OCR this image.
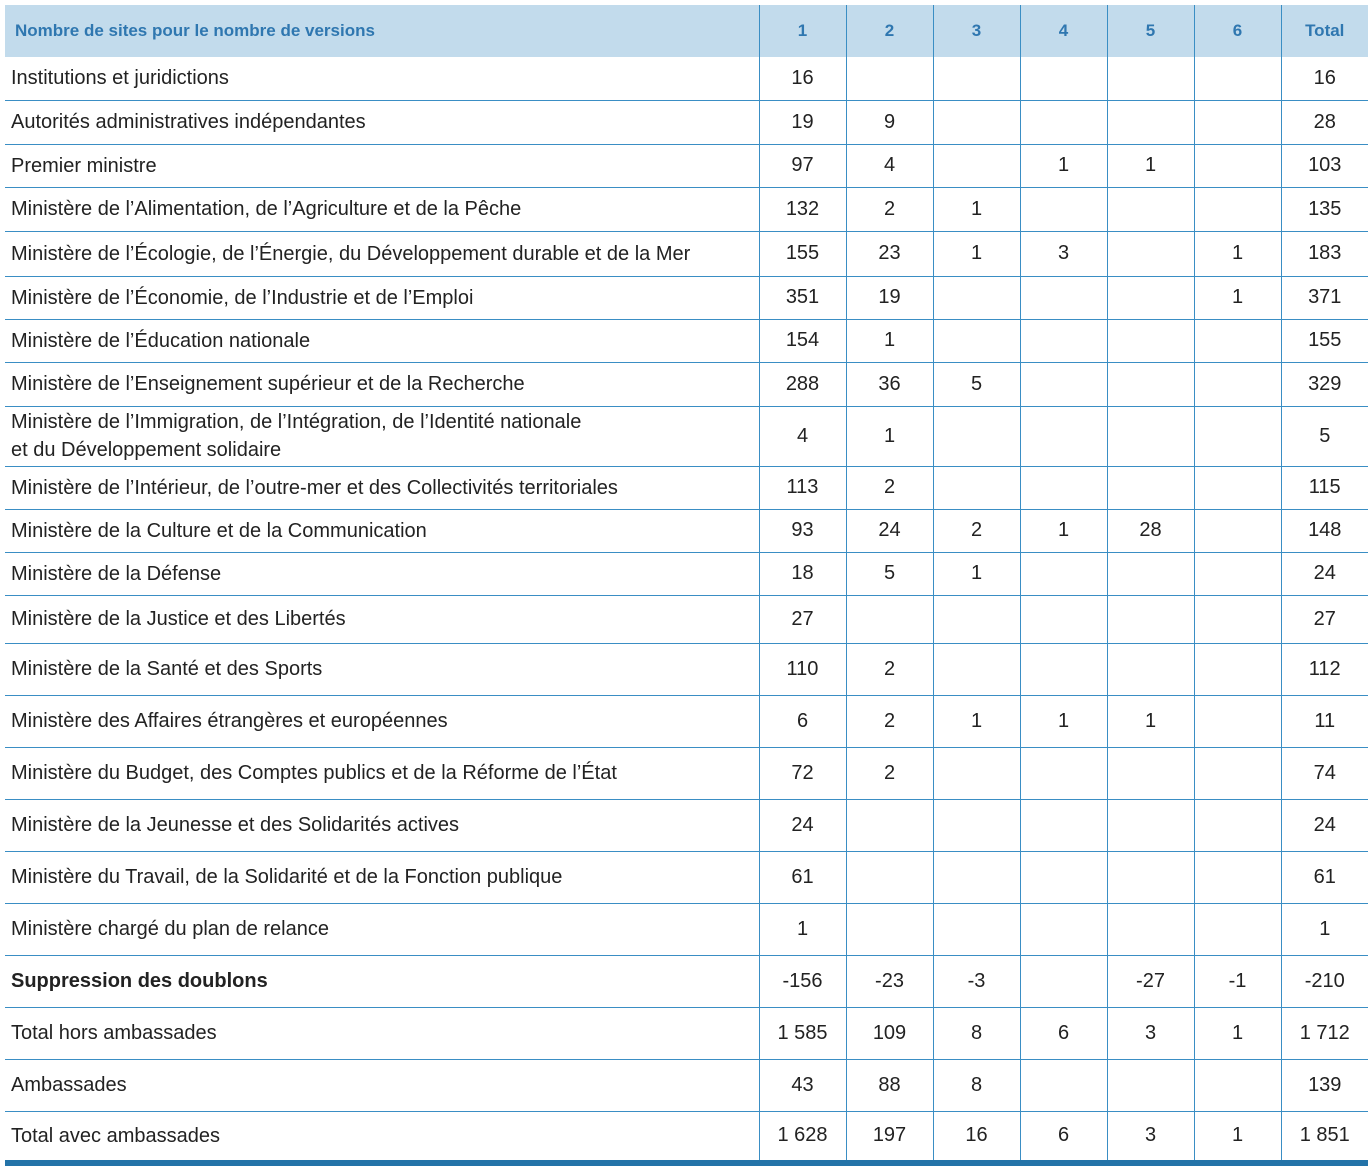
Nombre de sites pour le nombre de versions	1	2	3	4	5	6	Total
Institutions et juridictions	16						16
Autorités administratives indépendantes	19	9					28
Premier ministre	97	4		1	1		103
Ministère de l’Alimentation, de l’Agriculture et de la Pêche	132	2	1				135
Ministère de l’Écologie, de l’Énergie, du Développement durable et de la Mer	155	23	1	3		1	183
Ministère de l’Économie, de l’Industrie et de l’Emploi	351	19				1	371
Ministère de l’Éducation nationale	154	1					155
Ministère de l’Enseignement supérieur et de la Recherche	288	36	5				329
Ministère de l’Immigration, de l’Intégration, de l’Identité nationale
et du Développement solidaire	4	1					5
Ministère de l’Intérieur, de l’outre-mer et des Collectivités territoriales	113	2					115
Ministère de la Culture et de la Communication	93	24	2	1	28		148
Ministère de la Défense	18	5	1				24
Ministère de la Justice et des Libertés	27						27
Ministère de la Santé et des Sports	110	2					112
Ministère des Affaires étrangères et européennes	6	2	1	1	1		11
Ministère du Budget, des Comptes publics et de la Réforme de l’État	72	2					74
Ministère de la Jeunesse et des Solidarités actives	24						24
Ministère du Travail, de la Solidarité et de la Fonction publique	61						61
Ministère chargé du plan de relance	1						1
Suppression des doublons	-156	-23	-3		-27	-1	-210
Total hors ambassades	1 585	109	8	6	3	1	1 712
Ambassades	43	88	8				139
Total avec ambassades	1 628	197	16	6	3	1	1 851
